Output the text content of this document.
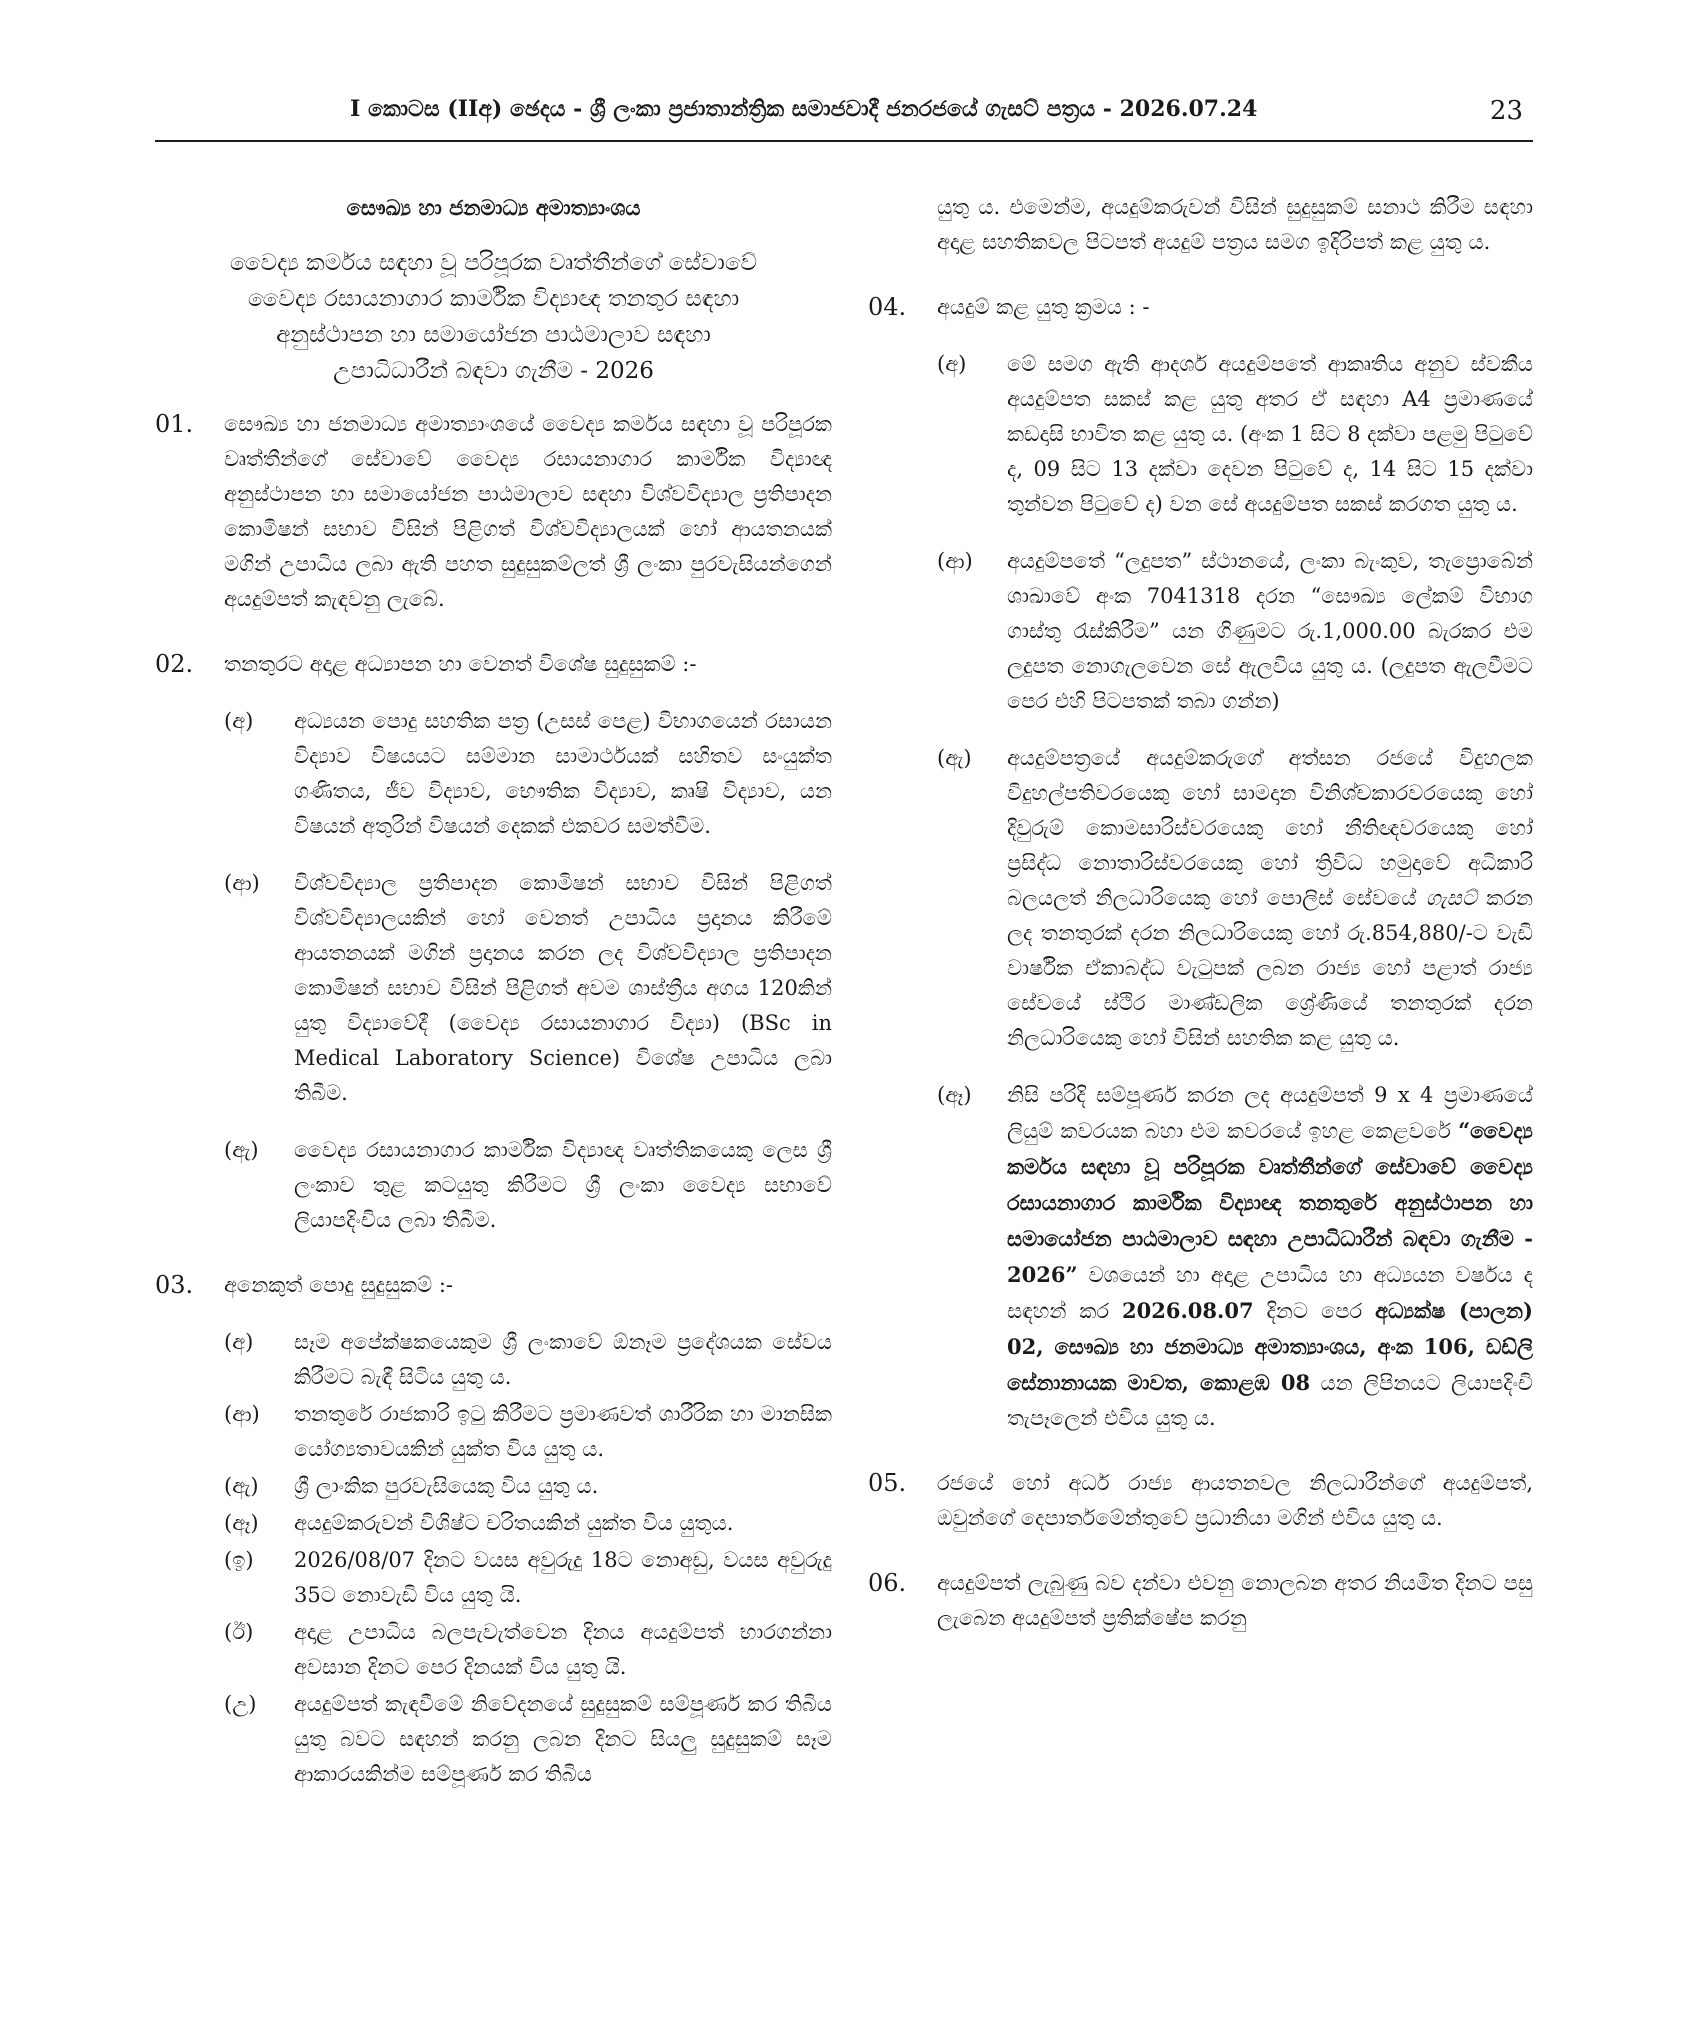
I කොටස (IIඅ) ඡෙදය - ශ්‍රී ලංකා ප්‍රජාතාන්ත්‍රික සමාජවාදී ජනරජයේ ගැසට් පත්‍රය - 2026.07.24	23
සෞඛ්‍ය හා ජනමාධ්‍ය අමාත්‍යාංශය
වෛද්‍ය කර්මය සඳහා වූ පරිපූරක වෘත්තීන්ගේ සේවාවේ
වෛද්‍ය රසායනාගාර කාර්මික විද්‍යාඥ තනතුර සඳහා
අනුස්ථාපන හා සමායෝජන පාඨමාලාව සඳහා
උපාධිධාරීන් බඳවා ගැනීම - 2026
01. සෞඛ්‍ය හා ජනමාධ්‍ය අමාත්‍යාංශයේ වෛද්‍ය කර්මය සඳහා වූ පරිපූරක වෘත්තීන්ගේ සේවාවේ වෛද්‍ය රසායනාගාර කාර්මික විද්‍යාඥ අනුස්ථාපන හා සමායෝජන පාඨමාලාව සඳහා විශ්වවිද්‍යාල ප්‍රතිපාදන කොමිෂන් සභාව විසින් පිළිගත් විශ්වවිද්‍යාලයක් හෝ ආයතනයක් මගින් උපාධිය ලබා ඇති පහත සුදුසුකම්ලත් ශ්‍රී ලංකා පුරවැසියන්ගෙන් අයදුම්පත් කැඳවනු ලැබේ.

02. තනතුරට අදාළ අධ්‍යාපන හා වෙනත් විශේෂ සුදුසුකම් :-

(අ) අධ්‍යයන පොදු සහතික පත්‍ර (උසස් පෙළ) විභාගයෙන් රසායන විද්‍යාව විෂයයට සම්මාන සාමාර්ථයක් සහිතව සංයුක්ත ගණිතය, ජීව විද්‍යාව, භෞතික විද්‍යාව, කෘෂි විද්‍යාව, යන විෂයන් අතුරින් විෂයන් දෙකක් එකවර සමත්වීම.

(ආ) විශ්වවිද්‍යාල ප්‍රතිපාදන කොමිෂන් සභාව විසින් පිළිගත් විශ්වවිද්‍යාලයකින් හෝ වෙනත් උපාධිය ප්‍රදානය කිරීමේ ආයතනයක් මගින් ප්‍රදානය කරන ලද විශ්වවිද්‍යාල ප්‍රතිපාදන කොමිෂන් සභාව විසින් පිළිගත් අවම ශාස්ත්‍රීය අගය 120කින් යුතු විද්‍යාවේදී (වෛද්‍ය රසායනාගාර විද්‍යා) (BSc in Medical Laboratory Science) විශේෂ උපාධිය ලබා තිබීම.

(ඇ) වෛද්‍ය රසායනාගාර කාර්මික විද්‍යාඥ වෘත්තිකයෙකු ලෙස ශ්‍රී ලංකාව තුළ කටයුතු කිරීමට ශ්‍රී ලංකා වෛද්‍ය සභාවේ ලියාපදිංචිය ලබා තිබීම.

03. අනෙකුත් පොදු සුදුසුකම් :-

(අ) සෑම අපේක්ෂකයෙකුම ශ්‍රී ලංකාවේ ඕනෑම ප්‍රදේශයක සේවය කිරීමට බැඳී සිටිය යුතු ය.

(ආ) තනතුරේ රාජකාරි ඉටු කිරීමට ප්‍රමාණවත් ශාරීරික හා මානසික යෝග්‍යතාවයකින් යුක්ත විය යුතු ය.

(ඇ) ශ්‍රී ලාංකික පුරවැසියෙකු විය යුතු ය.

(ඈ) අයදුම්කරුවන් විශිෂ්ට චරිතයකින් යුක්ත විය යුතුය.

(ඉ) 2026/08/07 දිනට වයස අවුරුදු 18ට නොඅඩු, වයස අවුරුදු 35ට නොවැඩි විය යුතු යි.

(ඊ) අදාළ උපාධිය බලපැවැත්වෙන දිනය අයදුම්පත් භාරගන්නා අවසාන දිනට පෙර දිනයක් විය යුතු යි.

(උ) අයදුම්පත් කැඳවීමේ නිවේදනයේ සුදුසුකම් සම්පූර්ණ කර තිබිය යුතු බවට සඳහන් කරනු ලබන දිනට සියලු සුදුසුකම් සෑම ආකාරයකින්ම සම්පූර්ණ කර තිබිය

යුතු ය. එමෙන්ම, අයදුම්කරුවන් විසින් සුදුසුකම් සනාථ කිරීම සඳහා අදාළ සහතිකවල පිටපත් අයදුම් පත්‍රය සමග ඉදිරිපත් කළ යුතු ය.

04. අයදුම් කළ යුතු ක්‍රමය : -

(අ) මේ සමග ඇති ආදර්ශ අයදුම්පතේ ආකෘතිය අනුව ස්වකීය අයදුම්පත සකස් කළ යුතු අතර ඒ සඳහා A4 ප්‍රමාණයේ කඩදාසි භාවිත කළ යුතු ය. (අංක 1 සිට 8 දක්වා පළමු පිටුවේ ද, 09 සිට 13 දක්වා දෙවන පිටුවේ ද, 14 සිට 15 දක්වා තුන්වන පිටුවේ ද) වන සේ අයදුම්පත සකස් කරගත යුතු ය.

(ආ) අයදුම්පතේ “ලදුපත” ස්ථානයේ, ලංකා බැංකුව, තැප්‍රොබේන් ශාඛාවේ අංක 7041318 දරන “සෞඛ්‍ය ලේකම් විභාග ගාස්තු රැස්කිරීම” යන ගිණුමට රු.1,000.00 බැරකර එම ලදුපත නොගැලවෙන සේ ඇලවිය යුතු ය. (ලදුපත ඇලවීමට පෙර එහි පිටපතක් තබා ගන්න)

(ඇ) අයදුම්පත්‍රයේ අයදුම්කරුගේ අත්සන රජයේ විදුහලක විදුහල්පතිවරයෙකු හෝ සාමදාන විනිශ්චකාරවරයෙකු හෝ දිවුරුම් කොමසාරිස්වරයෙකු හෝ නීතිඥවරයෙකු හෝ ප්‍රසිද්ධ නොතාරිස්වරයෙකු හෝ ත්‍රිවිධ හමුදාවේ අධිකාරි බලයලත් නිලධාරියෙකු හෝ පොලිස් සේවයේ ගැසට් කරන ලද තනතුරක් දරන නිලධාරියෙකු හෝ රු.854,880/-ට වැඩි වාර්ෂික ඒකාබද්ධ වැටුපක් ලබන රාජ්‍ය හෝ පළාත් රාජ්‍ය සේවයේ ස්ථිර මාණ්ඩලික ශ්‍රේණියේ තනතුරක් දරන නිලධාරියෙකු හෝ විසින් සහතික කළ යුතු ය.

(ඈ) නිසි පරිදි සම්පූර්ණ කරන ලද අයදුම්පත් 9 x 4 ප්‍රමාණයේ ලියුම් කවරයක බහා එම කවරයේ ඉහළ කෙළවරේ “වෛද්‍ය කර්මය සඳහා වූ පරිපූරක වෘත්තීන්ගේ සේවාවේ වෛද්‍ය රසායනාගාර කාර්මික විද්‍යාඥ තනතුරේ අනුස්ථාපන හා සමායෝජන පාඨමාලාව සඳහා උපාධිධාරීන් බඳවා ගැනීම - 2026” වශයෙන් හා අදාළ උපාධිය හා අධ්‍යයන වර්ෂය ද සඳහන් කර 2026.08.07 දිනට පෙර අධ්‍යක්ෂ (පාලන) 02, සෞඛ්‍ය හා ජනමාධ්‍ය අමාත්‍යාංශය, අංක 106, ඩඩ්ලි සේනානායක මාවත, කොළඹ 08 යන ලිපිනයට ලියාපදිංචි තැපෑලෙන් එවිය යුතු ය.

05. රජයේ හෝ අර්ධ රාජ්‍ය ආයතනවල නිලධාරීන්ගේ අයදුම්පත්, ඔවුන්ගේ දෙපාර්තමේන්තුවේ ප්‍රධානියා මගින් එවිය යුතු ය.

06. අයදුම්පත් ලැබුණු බව දන්වා එවනු නොලබන අතර නියමිත දිනට පසු ලැබෙන අයදුම්පත් ප්‍රතික්ෂේප කරනු
